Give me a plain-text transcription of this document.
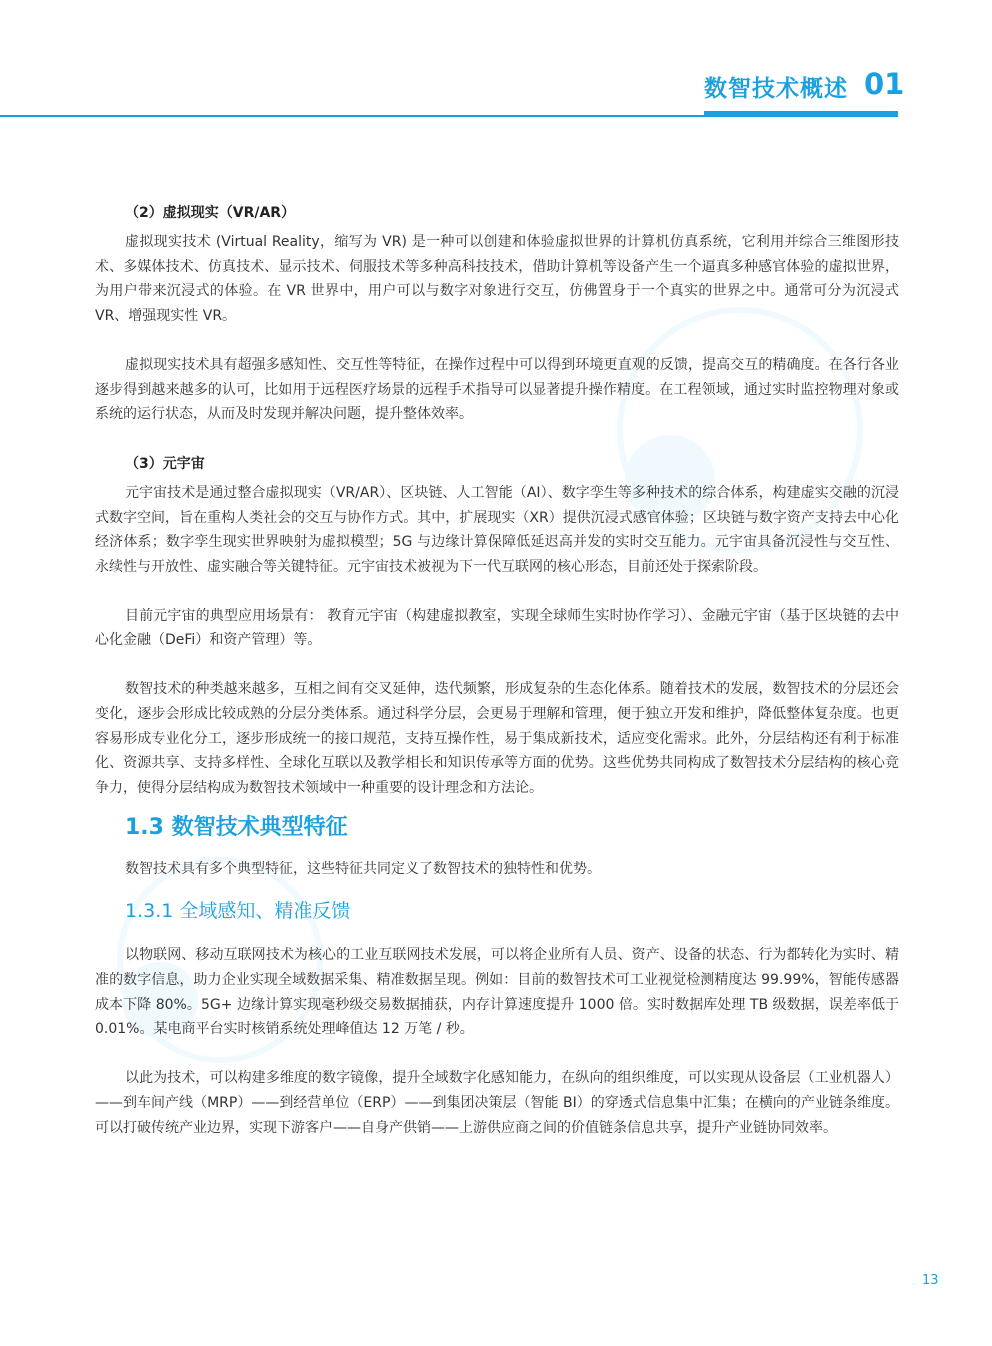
数智技术概述 01
（2）虚拟现实（VR/AR）

虚拟现实技术 (Virtual Reality，缩写为 VR) 是一种可以创建和体验虚拟世界的计算机仿真系统，它利用并综合三维图形技术、多媒体技术、仿真技术、显示技术、伺服技术等多种高科技技术，借助计算机等设备产生一个逼真多种感官体验的虚拟世界，为用户带来沉浸式的体验。在 VR 世界中，用户可以与数字对象进行交互，仿佛置身于一个真实的世界之中。通常可分为沉浸式 VR、增强现实性 VR。

虚拟现实技术具有超强多感知性、交互性等特征，在操作过程中可以得到环境更直观的反馈，提高交互的精确度。在各行各业逐步得到越来越多的认可，比如用于远程医疗场景的远程手术指导可以显著提升操作精度。在工程领域，通过实时监控物理对象或系统的运行状态，从而及时发现并解决问题，提升整体效率。

（3）元宇宙

元宇宙技术是通过整合虚拟现实（VR/AR）、区块链、人工智能（AI）、数字孪生等多种技术的综合体系，构建虚实交融的沉浸式数字空间，旨在重构人类社会的交互与协作方式。其中，扩展现实（XR）提供沉浸式感官体验；区块链与数字资产支持去中心化经济体系；数字孪生现实世界映射为虚拟模型；5G 与边缘计算保障低延迟高并发的实时交互能力。元宇宙具备沉浸性与交互性、永续性与开放性、虚实融合等关键特征。元宇宙技术被视为下一代互联网的核心形态，目前还处于探索阶段。

目前元宇宙的典型应用场景有： 教育元宇宙（构建虚拟教室，实现全球师生实时协作学习）、金融元宇宙（基于区块链的去中心化金融（DeFi）和资产管理）等。

数智技术的种类越来越多，互相之间有交叉延伸，迭代频繁，形成复杂的生态化体系。随着技术的发展，数智技术的分层还会变化，逐步会形成比较成熟的分层分类体系。通过科学分层，会更易于理解和管理，便于独立开发和维护，降低整体复杂度。也更容易形成专业化分工，逐步形成统一的接口规范，支持互操作性，易于集成新技术，适应变化需求。此外，分层结构还有利于标准化、资源共享、支持多样性、全球化互联以及教学相长和知识传承等方面的优势。这些优势共同构成了数智技术分层结构的核心竞争力，使得分层结构成为数智技术领域中一种重要的设计理念和方法论。

1.3 数智技术典型特征

数智技术具有多个典型特征，这些特征共同定义了数智技术的独特性和优势。

1.3.1 全域感知、精准反馈

以物联网、移动互联网技术为核心的工业互联网技术发展，可以将企业所有人员、资产、设备的状态、行为都转化为实时、精准的数字信息，助力企业实现全域数据采集、精准数据呈现。例如：目前的数智技术可工业视觉检测精度达 99.99%，智能传感器成本下降 80%。5G+ 边缘计算实现毫秒级交易数据捕获，内存计算速度提升 1000 倍。实时数据库处理 TB 级数据，误差率低于 0.01%。某电商平台实时核销系统处理峰值达 12 万笔 / 秒。

以此为技术，可以构建多维度的数字镜像，提升全域数字化感知能力，在纵向的组织维度，可以实现从设备层（工业机器人）——到车间产线（MRP）——到经营单位（ERP）——到集团决策层（智能 BI）的穿透式信息集中汇集；在横向的产业链条维度。可以打破传统产业边界，实现下游客户——自身产供销——上游供应商之间的价值链条信息共享，提升产业链协同效率。

13
